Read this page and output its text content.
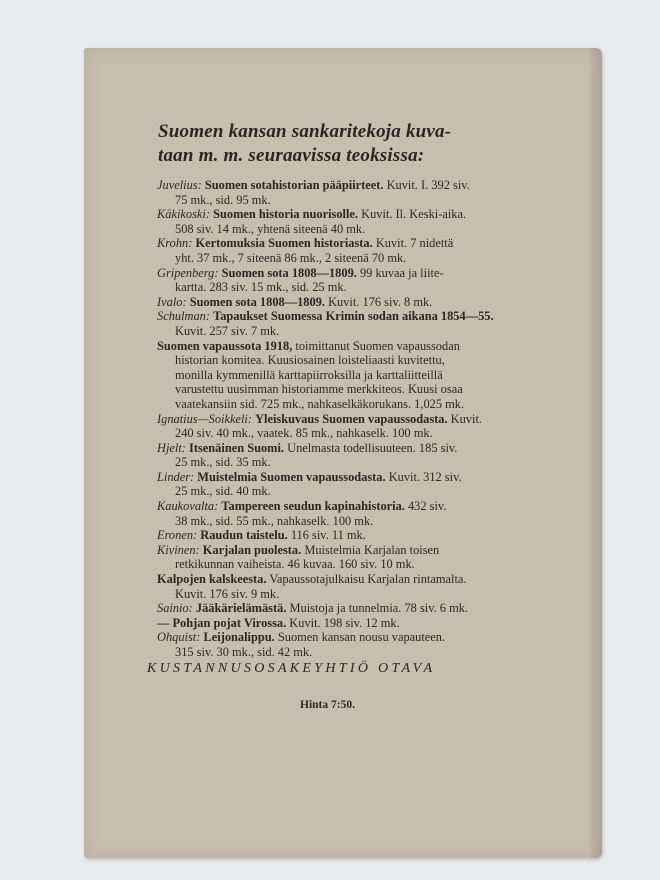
Suomen kansan sankaritekoja kuva-
taan m. m. seuraavissa teoksissa:
Juvelius: Suomen sotahistorian pääpiirteet. Kuvit. I. 392 siv.
75 mk., sid. 95 mk.
Käkikoski: Suomen historia nuorisolle. Kuvit. Il. Keski-aika.
508 siv. 14 mk., yhtenä siteenä 40 mk.
Krohn: Kertomuksia Suomen historiasta. Kuvit. 7 nidettä
yht. 37 mk., 7 siteenä 86 mk., 2 siteenä 70 mk.
Gripenberg: Suomen sota 1808—1809. 99 kuvaa ja liite-
kartta. 283 siv. 15 mk., sid. 25 mk.
Ivalo: Suomen sota 1808—1809. Kuvit. 176 siv. 8 mk.
Schulman: Tapaukset Suomessa Krimin sodan aikana 1854—55.
Kuvit. 257 siv. 7 mk.
Suomen vapaussota 1918, toimittanut Suomen vapaussodan
historian komitea. Kuusiosainen loisteliaasti kuvitettu,
monilla kymmenillä karttapiirroksilla ja karttaliitteillä
varustettu uusimman historiamme merkkiteos. Kuusi osaa
vaatekansiin sid. 725 mk., nahkaselkäkorukans. 1,025 mk.
Ignatius—Soikkeli: Yleiskuvaus Suomen vapaussodasta. Kuvit.
240 siv. 40 mk., vaatek. 85 mk., nahkaselk. 100 mk.
Hjelt: Itsenäinen Suomi. Unelmasta todellisuuteen. 185 siv.
25 mk., sid. 35 mk.
Linder: Muistelmia Suomen vapaussodasta. Kuvit. 312 siv.
25 mk., sid. 40 mk.
Kaukovalta: Tampereen seudun kapinahistoria. 432 siv.
38 mk., sid. 55 mk., nahkaselk. 100 mk.
Eronen: Raudun taistelu. 116 siv. 11 mk.
Kivinen: Karjalan puolesta. Muistelmia Karjalan toisen
retkikunnan vaiheista. 46 kuvaa. 160 siv. 10 mk.
Kalpojen kalskeesta. Vapaussotajulkaisu Karjalan rintamalta.
Kuvit. 176 siv. 9 mk.
Sainio: Jääkärielämästä. Muistoja ja tunnelmia. 78 siv. 6 mk.
— Pohjan pojat Virossa. Kuvit. 198 siv. 12 mk.
Ohquist: Leijonalippu. Suomen kansan nousu vapauteen.
315 siv. 30 mk., sid. 42 mk.
KUSTANNUSOSAKEYHTIÖ OTAVA
Hinta 7:50.
